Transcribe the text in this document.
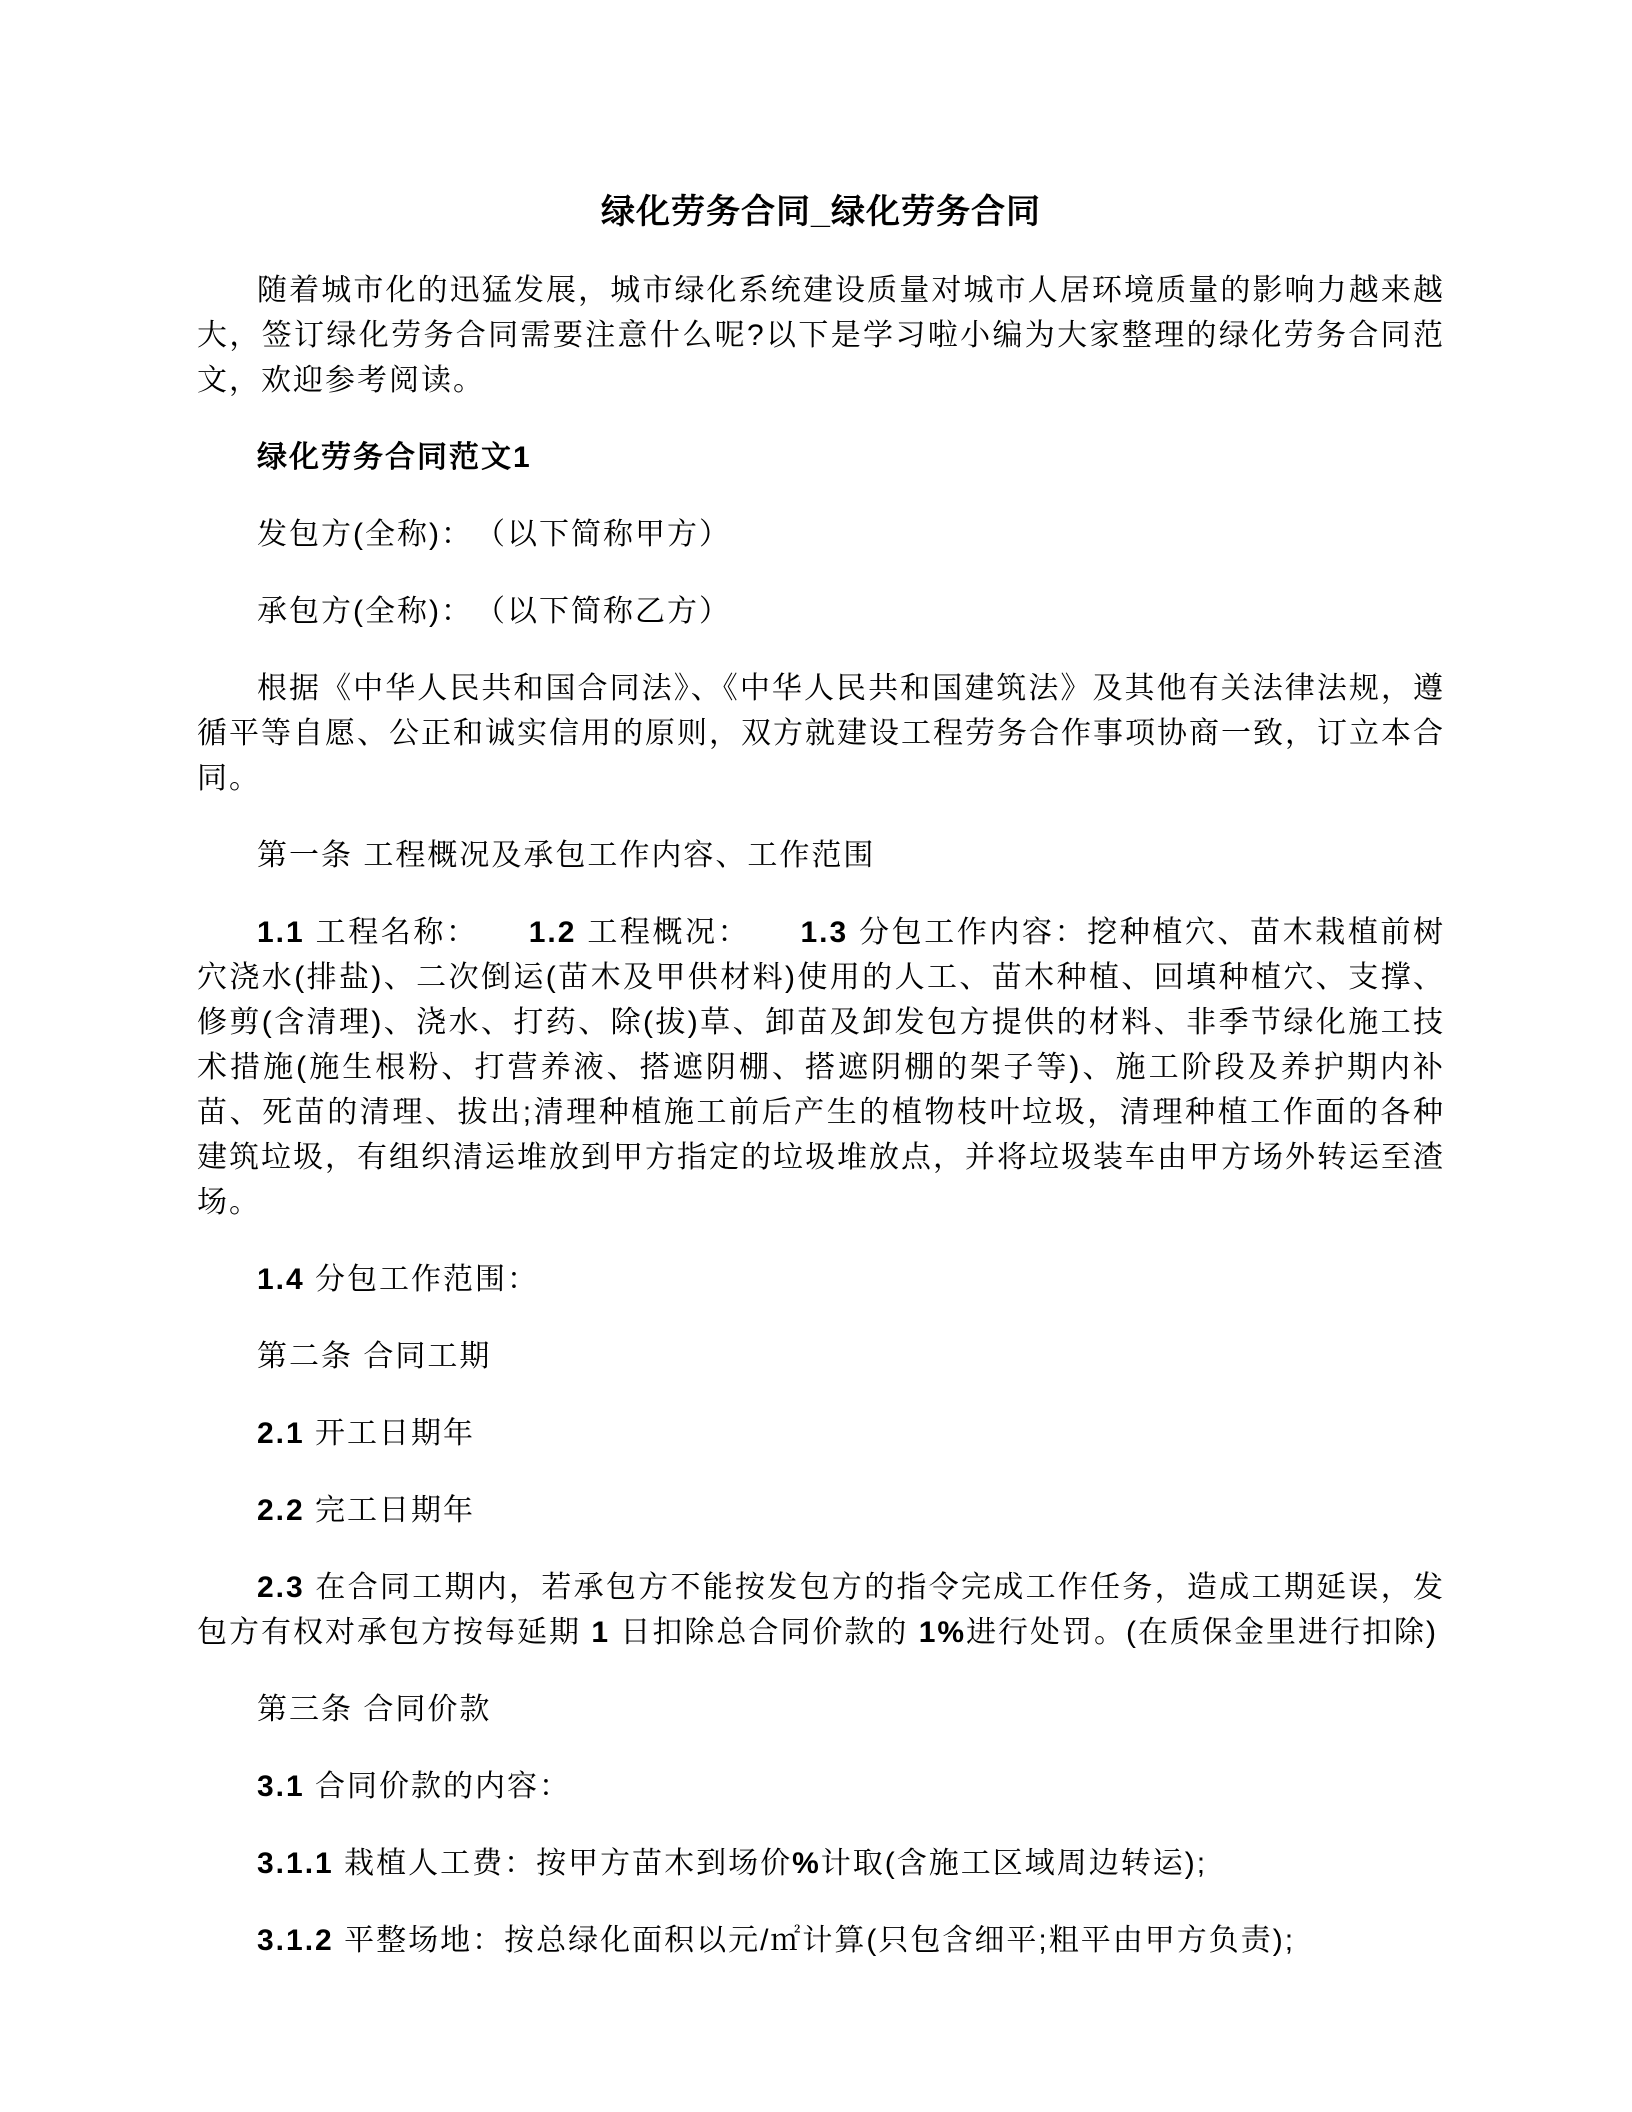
绿化劳务合同_绿化劳务合同

随着城市化的迅猛发展，城市绿化系统建设质量对城市人居环境质量的影响力越来越大，签订绿化劳务合同需要注意什么呢?以下是学习啦小编为大家整理的绿化劳务合同范文，欢迎参考阅读。

绿化劳务合同范文1

发包方(全称)：　（以下简称甲方）

承包方(全称)：　（以下简称乙方）

根据《中华人民共和国合同法》、《中华人民共和国建筑法》及其他有关法律法规，遵循平等自愿、公正和诚实信用的原则，双方就建设工程劳务合作事项协商一致，订立本合同。

第一条 工程概况及承包工作内容、工作范围

1.1 工程名称：　　1.2 工程概况：　　1.3 分包工作内容：挖种植穴、苗木栽植前树穴浇水(排盐)、二次倒运(苗木及甲供材料)使用的人工、苗木种植、回填种植穴、支撑、修剪(含清理)、浇水、打药、除(拔)草、卸苗及卸发包方提供的材料、非季节绿化施工技术措施(施生根粉、打营养液、搭遮阴棚、搭遮阴棚的架子等)、施工阶段及养护期内补苗、死苗的清理、拔出;清理种植施工前后产生的植物枝叶垃圾，清理种植工作面的各种建筑垃圾，有组织清运堆放到甲方指定的垃圾堆放点，并将垃圾装车由甲方场外转运至渣场。

1.4 分包工作范围：

第二条 合同工期

2.1 开工日期年

2.2 完工日期年

2.3 在合同工期内，若承包方不能按发包方的指令完成工作任务，造成工期延误，发包方有权对承包方按每延期 1 日扣除总合同价款的 1%进行处罚。(在质保金里进行扣除)

第三条 合同价款

3.1 合同价款的内容：

3.1.1 栽植人工费：按甲方苗木到场价%计取(含施工区域周边转运);

3.1.2 平整场地：按总绿化面积以元/㎡计算(只包含细平;粗平由甲方负责);
